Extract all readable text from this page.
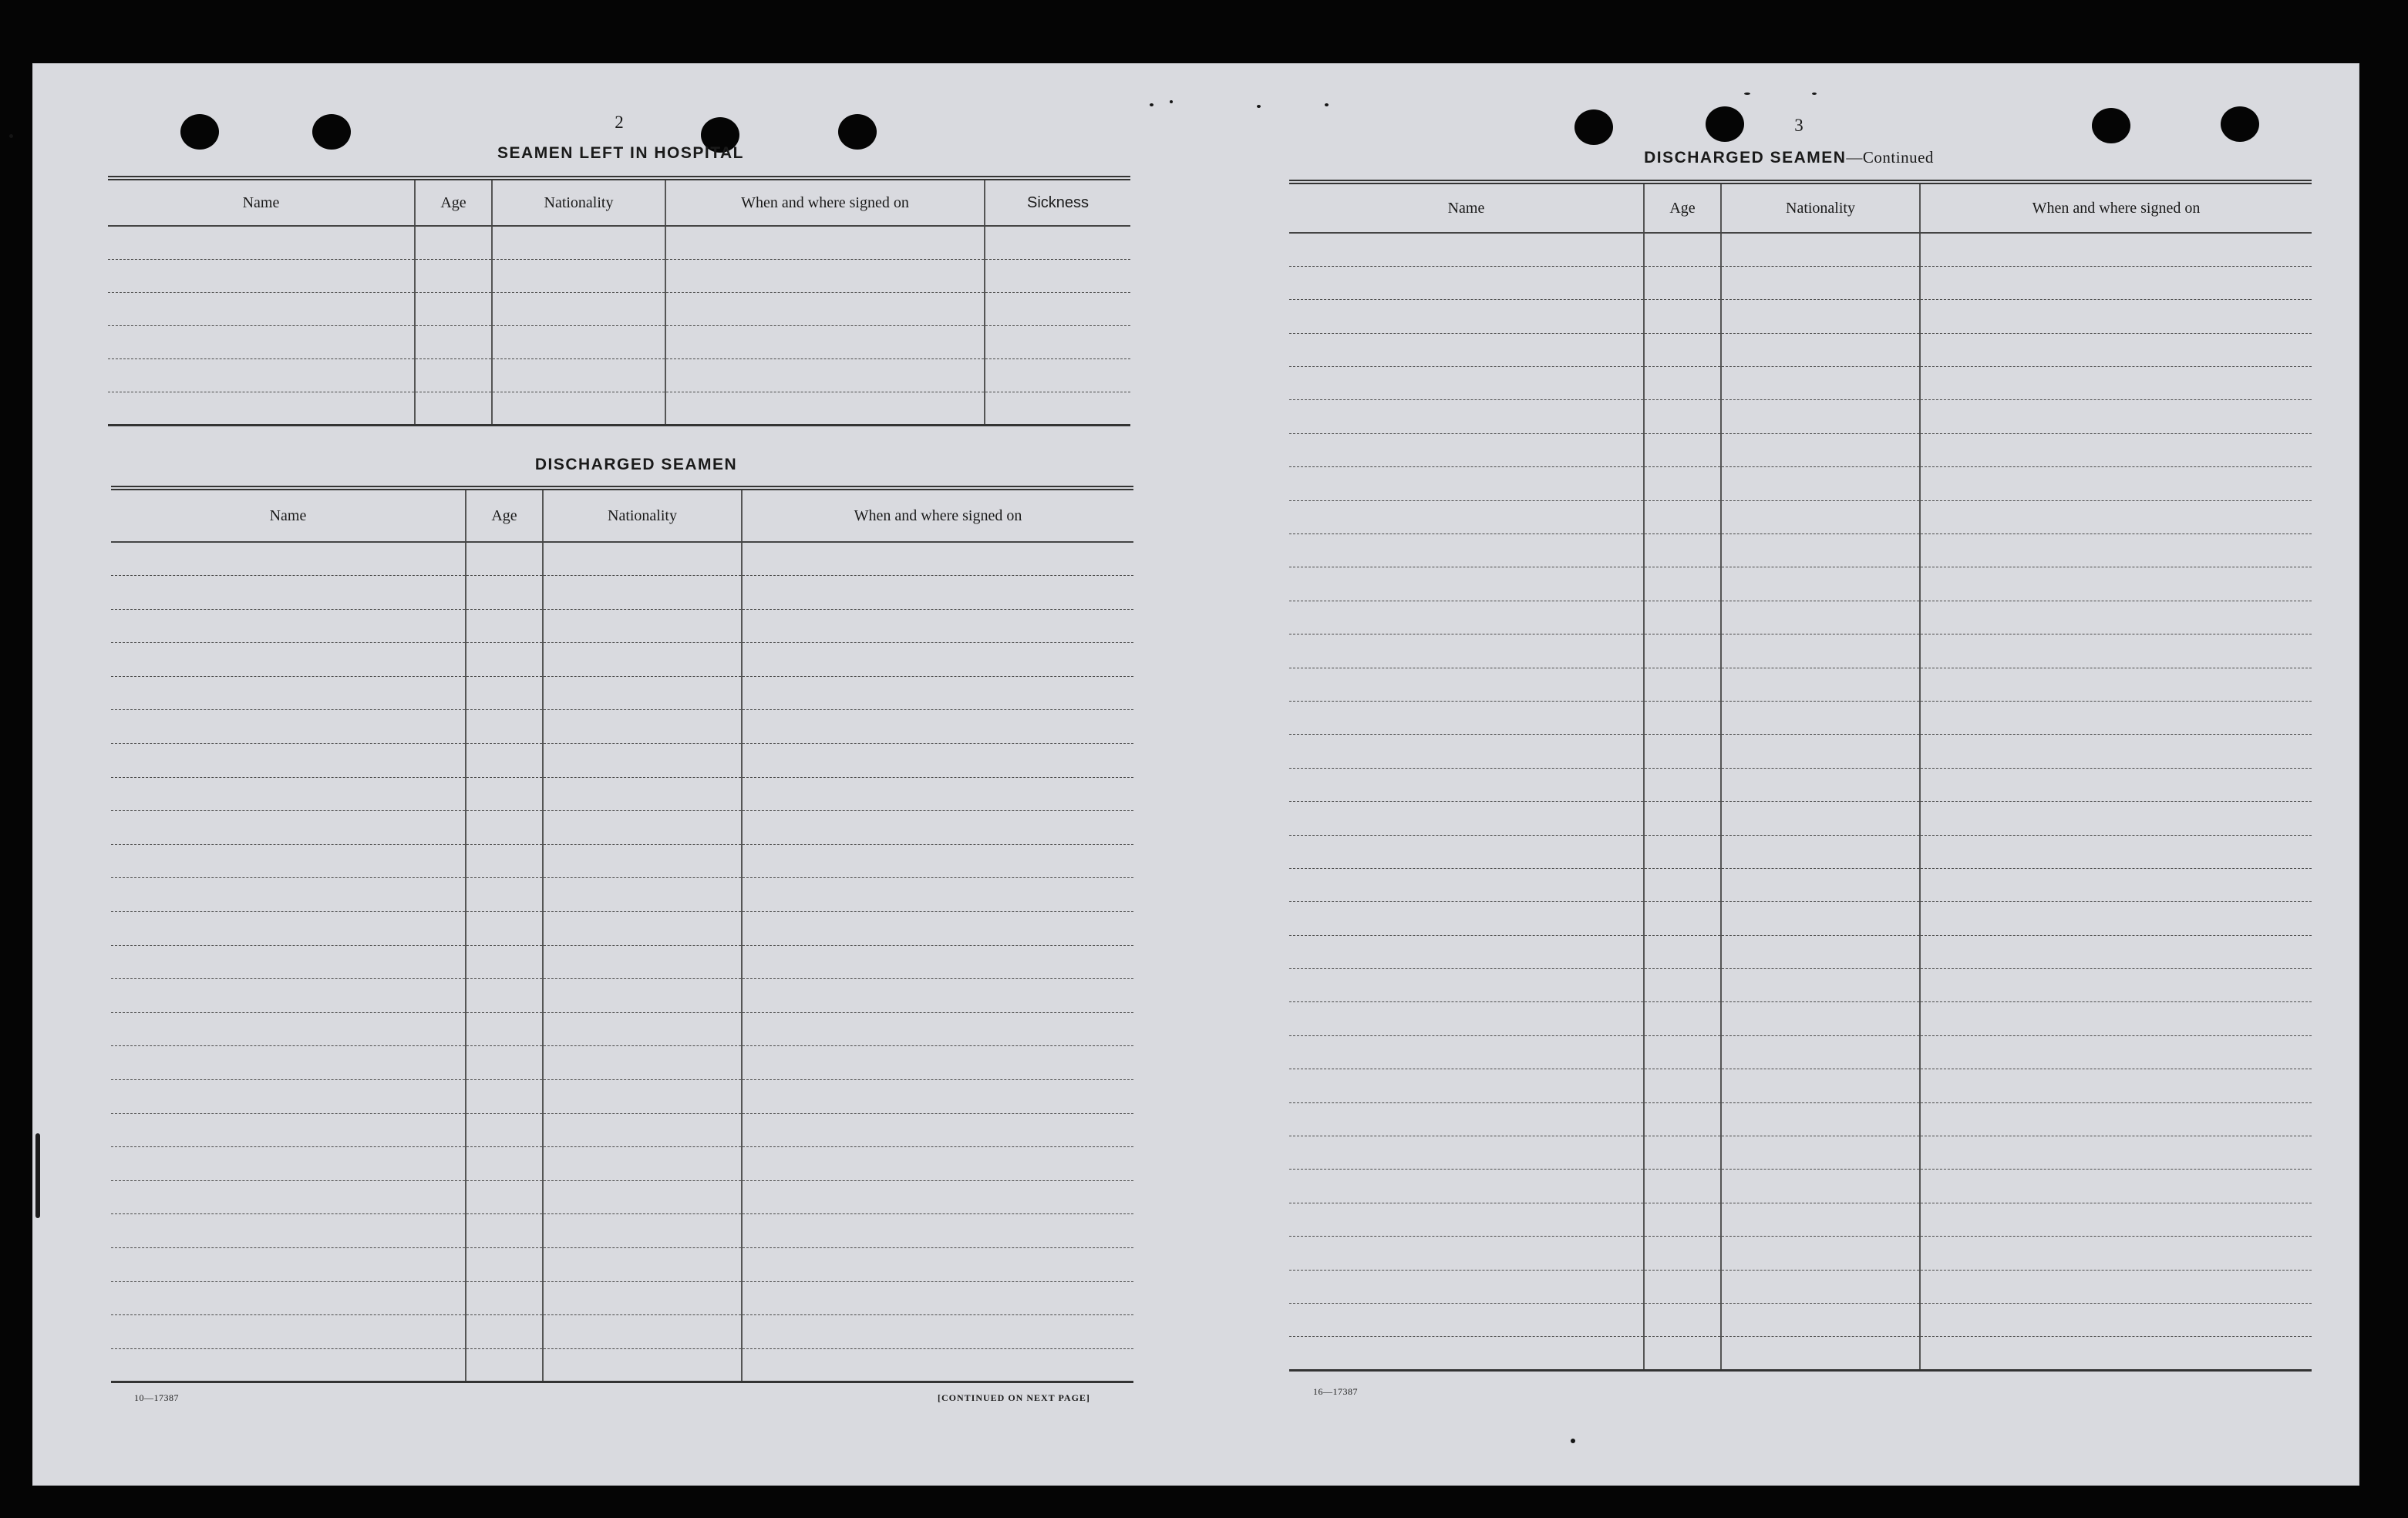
2
SEAMEN LEFT IN HOSPITAL
Name	Age	Nationality	When and where signed on	Sickness

DISCHARGED SEAMEN
Name	Age	Nationality	When and where signed on

10—17387	[CONTINUED ON NEXT PAGE]
3
DISCHARGED SEAMEN—Continued
Name	Age	Nationality	When and where signed on

16—17387
